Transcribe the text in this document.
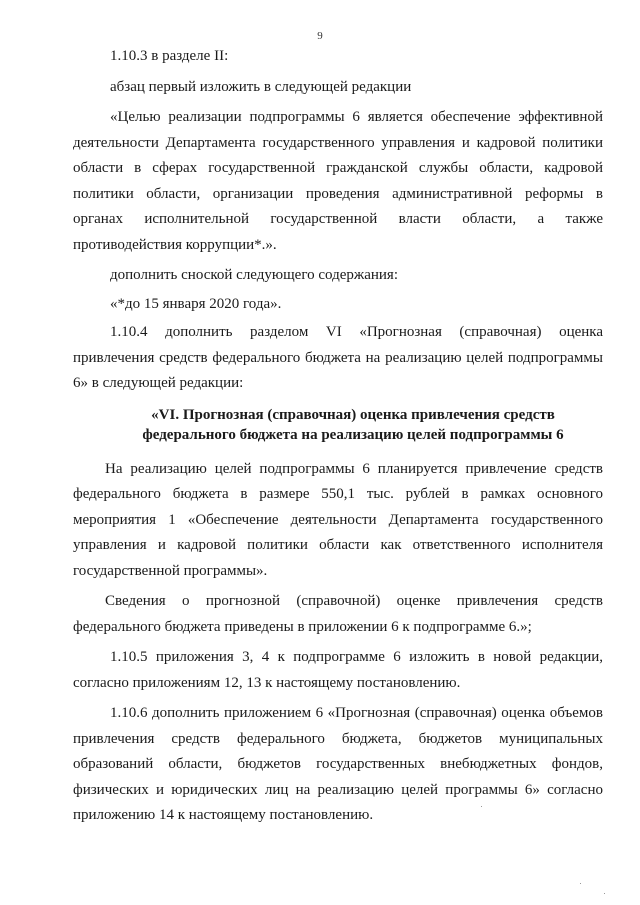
9

1.10.3 в разделе II:

абзац первый изложить в следующей редакции

«Целью реализации подпрограммы 6 является обеспечение эффективной деятельности Департамента государственного управления и кадровой политики области в сферах государственной гражданской службы области, кадровой политики области, организации проведения административной реформы в органах исполнительной государственной власти области, а также противодействия коррупции*.».

дополнить сноской следующего содержания:

«*до 15 января 2020 года».

1.10.4 дополнить разделом VI «Прогнозная (справочная) оценка привлечения средств федерального бюджета на реализацию целей подпрограммы 6» в следующей редакции:

«VI. Прогнозная (справочная) оценка привлечения средств федерального бюджета на реализацию целей подпрограммы 6

На реализацию целей подпрограммы 6 планируется привлечение средств федерального бюджета в размере 550,1 тыс. рублей в рамках основного мероприятия 1 «Обеспечение деятельности Департамента государственного управления и кадровой политики области как ответственного исполнителя государственной программы».

Сведения о прогнозной (справочной) оценке привлечения средств федерального бюджета приведены в приложении 6 к подпрограмме 6.»;

1.10.5 приложения 3, 4 к подпрограмме 6 изложить в новой редакции, согласно приложениям 12, 13 к настоящему постановлению.

1.10.6 дополнить приложением 6 «Прогнозная (справочная) оценка объемов привлечения средств федерального бюджета, бюджетов муниципальных образований области, бюджетов государственных внебюджетных фондов, физических и юридических лиц на реализацию целей программы 6» согласно приложению 14 к настоящему постановлению.
